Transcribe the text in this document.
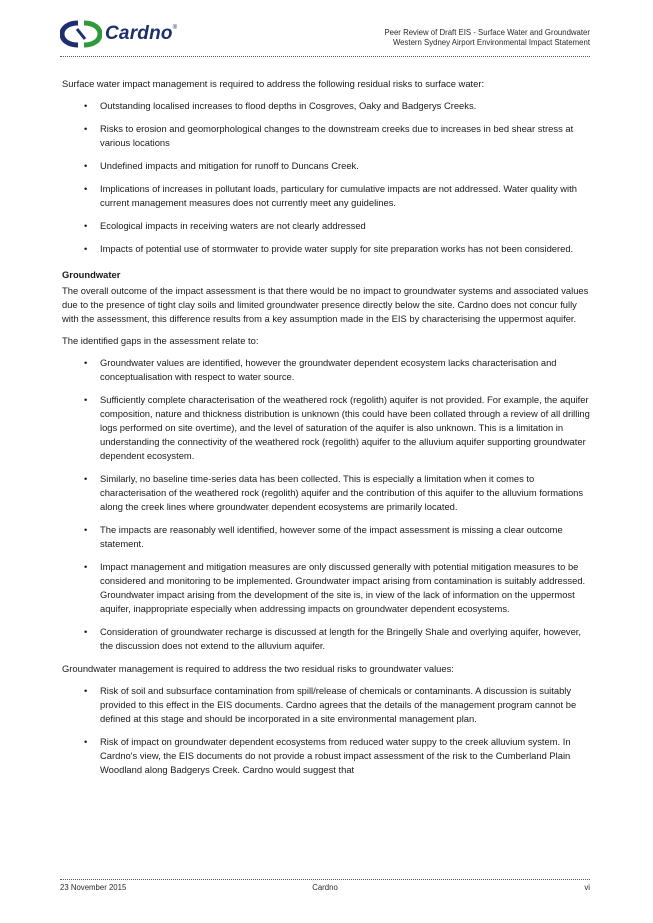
Cardno ®	Peer Review of Draft EIS - Surface Water and Groundwater
Western Sydney Airport Environmental Impact Statement

Surface water impact management is required to address the following residual risks to surface water:

• Outstanding localised increases to flood depths in Cosgroves, Oaky and Badgerys Creeks.
• Risks to erosion and geomorphological changes to the downstream creeks due to increases in bed shear stress at various locations
• Undefined impacts and mitigation for runoff to Duncans Creek.
• Implications of increases in pollutant loads, particulary for cumulative impacts are not addressed. Water quality with current management measures does not currently meet any guidelines.
• Ecological impacts in receiving waters are not clearly addressed
• Impacts of potential use of stormwater to provide water supply for site preparation works has not been considered.
Groundwater

The overall outcome of the impact assessment is that there would be no impact to groundwater systems and associated values due to the presence of tight clay soils and limited groundwater presence directly below the site. Cardno does not concur fully with the assessment, this difference results from a key assumption made in the EIS by characterising the uppermost aquifer.

The identified gaps in the assessment relate to:

• Groundwater values are identified, however the groundwater dependent ecosystem lacks characterisation and conceptualisation with respect to water source.
• Sufficiently complete characterisation of the weathered rock (regolith) aquifer is not provided. For example, the aquifer composition, nature and thickness distribution is unknown (this could have been collated through a review of all drilling logs performed on site overtime), and the level of saturation of the aquifer is also unknown. This is a limitation in understanding the connectivity of the weathered rock (regolith) aquifer to the alluvium aquifer supporting groundwater dependent ecosystem.
• Similarly, no baseline time-series data has been collected. This is especially a limitation when it comes to characterisation of the weathered rock (regolith) aquifer and the contribution of this aquifer to the alluvium formations along the creek lines where groundwater dependent ecosystems are primarily located.
• The impacts are reasonably well identified, however some of the impact assessment is missing a clear outcome statement.
• Impact management and mitigation measures are only discussed generally with potential mitigation measures to be considered and monitoring to be implemented. Groundwater impact arising from contamination is suitably addressed. Groundwater impact arising from the development of the site is, in view of the lack of information on the uppermost aquifer, inappropriate especially when addressing impacts on groundwater dependent ecosystems.
• Consideration of groundwater recharge is discussed at length for the Bringelly Shale and overlying aquifer, however, the discussion does not extend to the alluvium aquifer.

Groundwater management is required to address the two residual risks to groundwater values:

• Risk of soil and subsurface contamination from spill/release of chemicals or contaminants. A discussion is suitably provided to this effect in the EIS documents. Cardno agrees that the details of the management program cannot be defined at this stage and should be incorporated in a site environmental management plan.
• Risk of impact on groundwater dependent ecosystems from reduced water suppy to the creek alluvium system. In Cardno's view, the EIS documents do not provide a robust impact assessment of the risk to the Cumberland Plain Woodland along Badgerys Creek. Cardno would suggest that
23 November 2015	Cardno	vi
